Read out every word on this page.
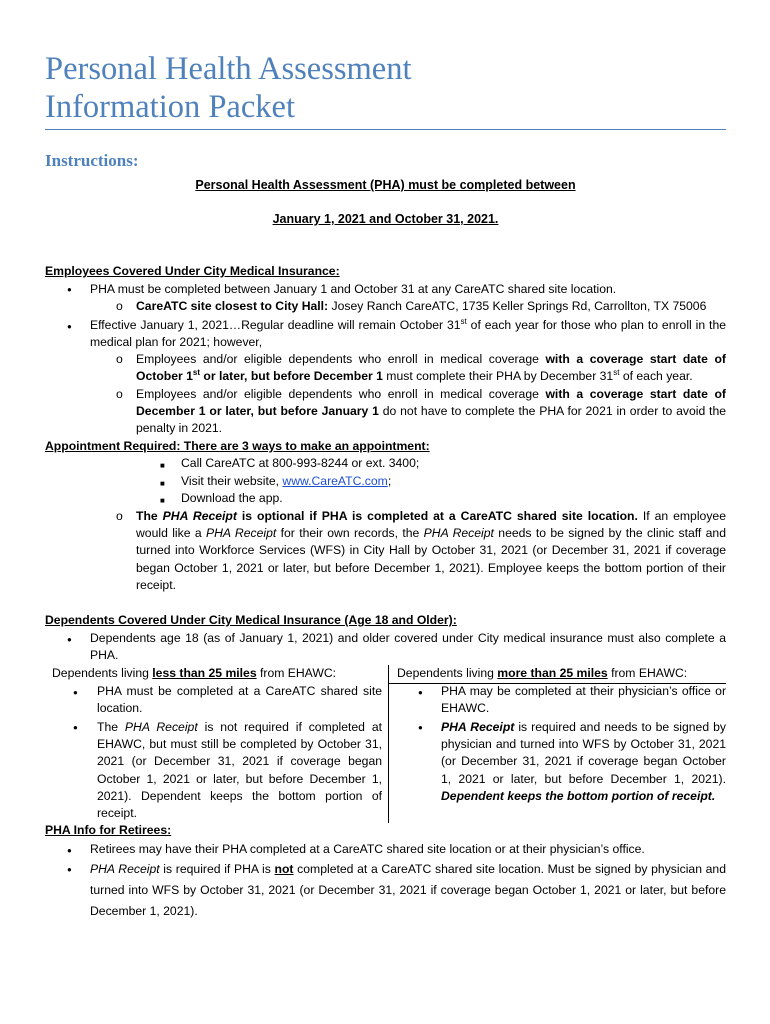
Personal Health Assessment
Information Packet
Instructions:
Personal Health Assessment (PHA) must be completed between
January 1, 2021 and October 31, 2021.
Employees Covered Under City Medical Insurance:
● PHA must be completed between January 1 and October 31 at any CareATC shared site location.
o CareATC site closest to City Hall: Josey Ranch CareATC, 1735 Keller Springs Rd, Carrollton, TX 75006
● Effective January 1, 2021…Regular deadline will remain October 31st of each year for those who plan to enroll in the medical plan for 2021; however,
o Employees and/or eligible dependents who enroll in medical coverage with a coverage start date of October 1st or later, but before December 1 must complete their PHA by December 31st of each year.
o Employees and/or eligible dependents who enroll in medical coverage with a coverage start date of December 1 or later, but before January 1 do not have to complete the PHA for 2021 in order to avoid the penalty in 2021.
Appointment Required: There are 3 ways to make an appointment:
■ Call CareATC at 800-993-8244 or ext. 3400;
■ Visit their website, www.CareATC.com;
■ Download the app.
o The PHA Receipt is optional if PHA is completed at a CareATC shared site location. If an employee would like a PHA Receipt for their own records, the PHA Receipt needs to be signed by the clinic staff and turned into Workforce Services (WFS) in City Hall by October 31, 2021 (or December 31, 2021 if coverage began October 1, 2021 or later, but before December 1, 2021). Employee keeps the bottom portion of their receipt.
Dependents Covered Under City Medical Insurance (Age 18 and Older):
● Dependents age 18 (as of January 1, 2021) and older covered under City medical insurance must also complete a PHA.
Dependents living less than 25 miles from EHAWC:
● PHA must be completed at a CareATC shared site location.
● The PHA Receipt is not required if completed at EHAWC, but must still be completed by October 31, 2021 (or December 31, 2021 if coverage began October 1, 2021 or later, but before December 1, 2021). Dependent keeps the bottom portion of receipt.
Dependents living more than 25 miles from EHAWC:
● PHA may be completed at their physician’s office or EHAWC.
● PHA Receipt is required and needs to be signed by physician and turned into WFS by October 31, 2021 (or December 31, 2021 if coverage began October 1, 2021 or later, but before December 1, 2021). Dependent keeps the bottom portion of receipt.
PHA Info for Retirees:
● Retirees may have their PHA completed at a CareATC shared site location or at their physician’s office.
● PHA Receipt is required if PHA is not completed at a CareATC shared site location. Must be signed by physician and turned into WFS by October 31, 2021 (or December 31, 2021 if coverage began October 1, 2021 or later, but before December 1, 2021).
